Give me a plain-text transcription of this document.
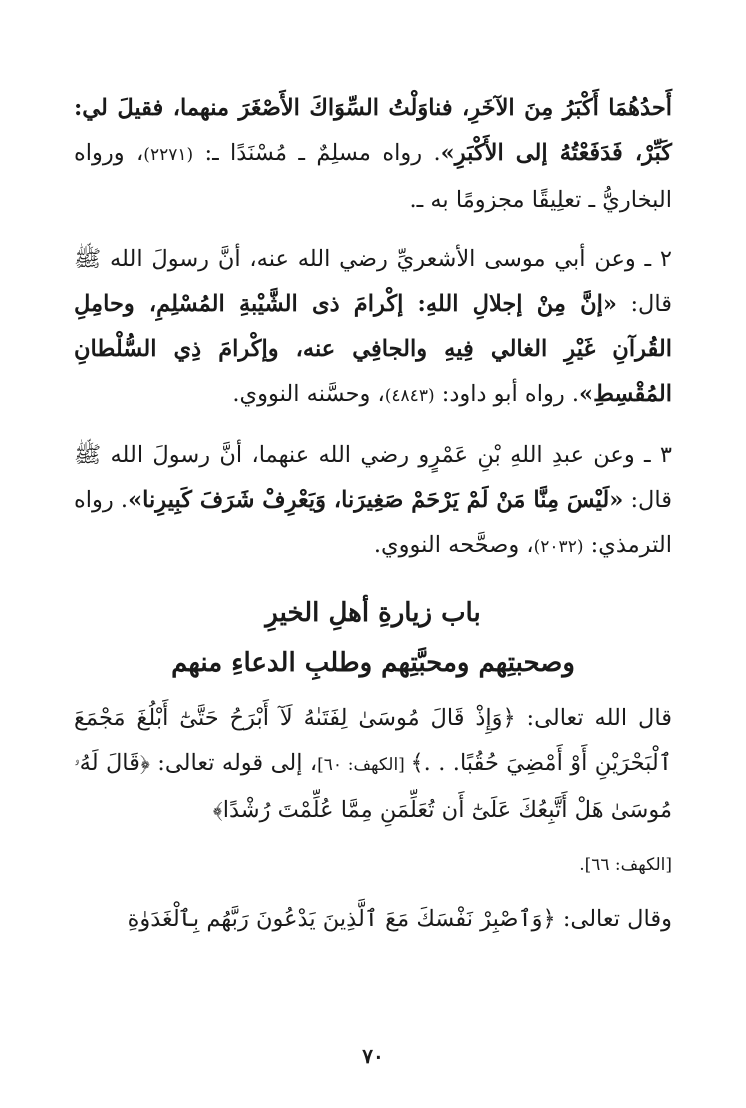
أَحدُهُمَا أَكْبَرُ مِنَ الآخَرِ، فناوَلْتُ السِّوَاكَ الأَصْغَرَ منهما، فقيلَ لي: كَبِّرْ، فَدَفَعْتُهُ إلى الأَكْبَرِ». رواه مسلِمٌ ـ مُسْنَدًا ـ: (٢٢٧١)، ورواه البخاريُّ ـ تعلِيقًا مجزومًا به ـ.

٢ ـ وعن أبي موسى الأشعريِّ رضي الله عنه، أنَّ رسولَ الله ﷺ قال: «إنَّ مِنْ إجلالِ اللهِ: إكْرامَ ذى الشَّيْبةِ المُسْلِمِ، وحامِلِ القُرآنِ غَيْرِ الغالي فِيهِ والجافِي عنه، وإكْرامَ ذِي السُّلْطانِ المُقْسِطِ». رواه أبو داود: (٤٨٤٣)، وحسَّنه النووي.

٣ ـ وعن عبدِ اللهِ بْنِ عَمْرٍو رضي الله عنهما، أنَّ رسولَ الله ﷺ قال: «لَيْسَ مِنَّا مَنْ لَمْ يَرْحَمْ صَغِيرَنا، وَيَعْرِفْ شَرَفَ كَبِيرِنا». رواه الترمذي: (٢٠٣٢)، وصحَّحه النووي.

باب زيارةِ أهلِ الخيرِ
وصحبتِهم ومحبَّتِهم وطلبِ الدعاءِ منهم

قال الله تعالى: ﴿وَإِذْ قَالَ مُوسَىٰ لِفَتَىٰهُ لَآ أَبْرَحُ حَتَّىٰٓ أَبْلُغَ مَجْمَعَ ٱلْبَحْرَيْنِ أَوْ أَمْضِيَ حُقُبًا. . .﴾ [الكهف: ٦٠]، إلى قوله تعالى: ﴿قَالَ لَهُۥ مُوسَىٰ هَلْ أَتَّبِعُكَ عَلَىٰٓ أَن تُعَلِّمَنِ مِمَّا عُلِّمْتَ رُشْدًا﴾

[الكهف: ٦٦].

وقال تعالى: ﴿وَٱصْبِرْ نَفْسَكَ مَعَ ٱلَّذِينَ يَدْعُونَ رَبَّهُم بِٱلْغَدَوٰةِ

٧٠
